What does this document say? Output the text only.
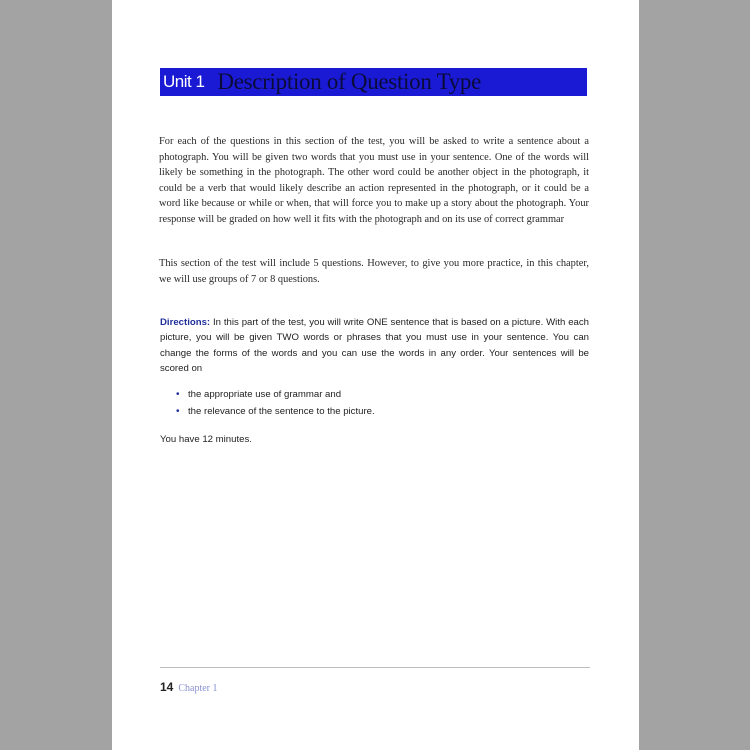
Unit 1 Description of Question Type

For each of the questions in this section of the test, you will be asked to write a sentence about a photograph. You will be given two words that you must use in your sentence. One of the words will likely be something in the photograph. The other word could be another object in the photograph, it could be a verb that would likely describe an action represented in the photograph, or it could be a word like because or while or when, that will force you to make up a story about the photograph. Your response will be graded on how well it fits with the photograph and on its use of correct grammar

This section of the test will include 5 questions. However, to give you more practice, in this chapter, we will use groups of 7 or 8 questions.

Directions: In this part of the test, you will write ONE sentence that is based on a picture. With each picture, you will be given TWO words or phrases that you must use in your sentence. You can change the forms of the words and you can use the words in any order. Your sentences will be scored on
• the appropriate use of grammar and
• the relevance of the sentence to the picture.
You have 12 minutes.
14 Chapter 1
